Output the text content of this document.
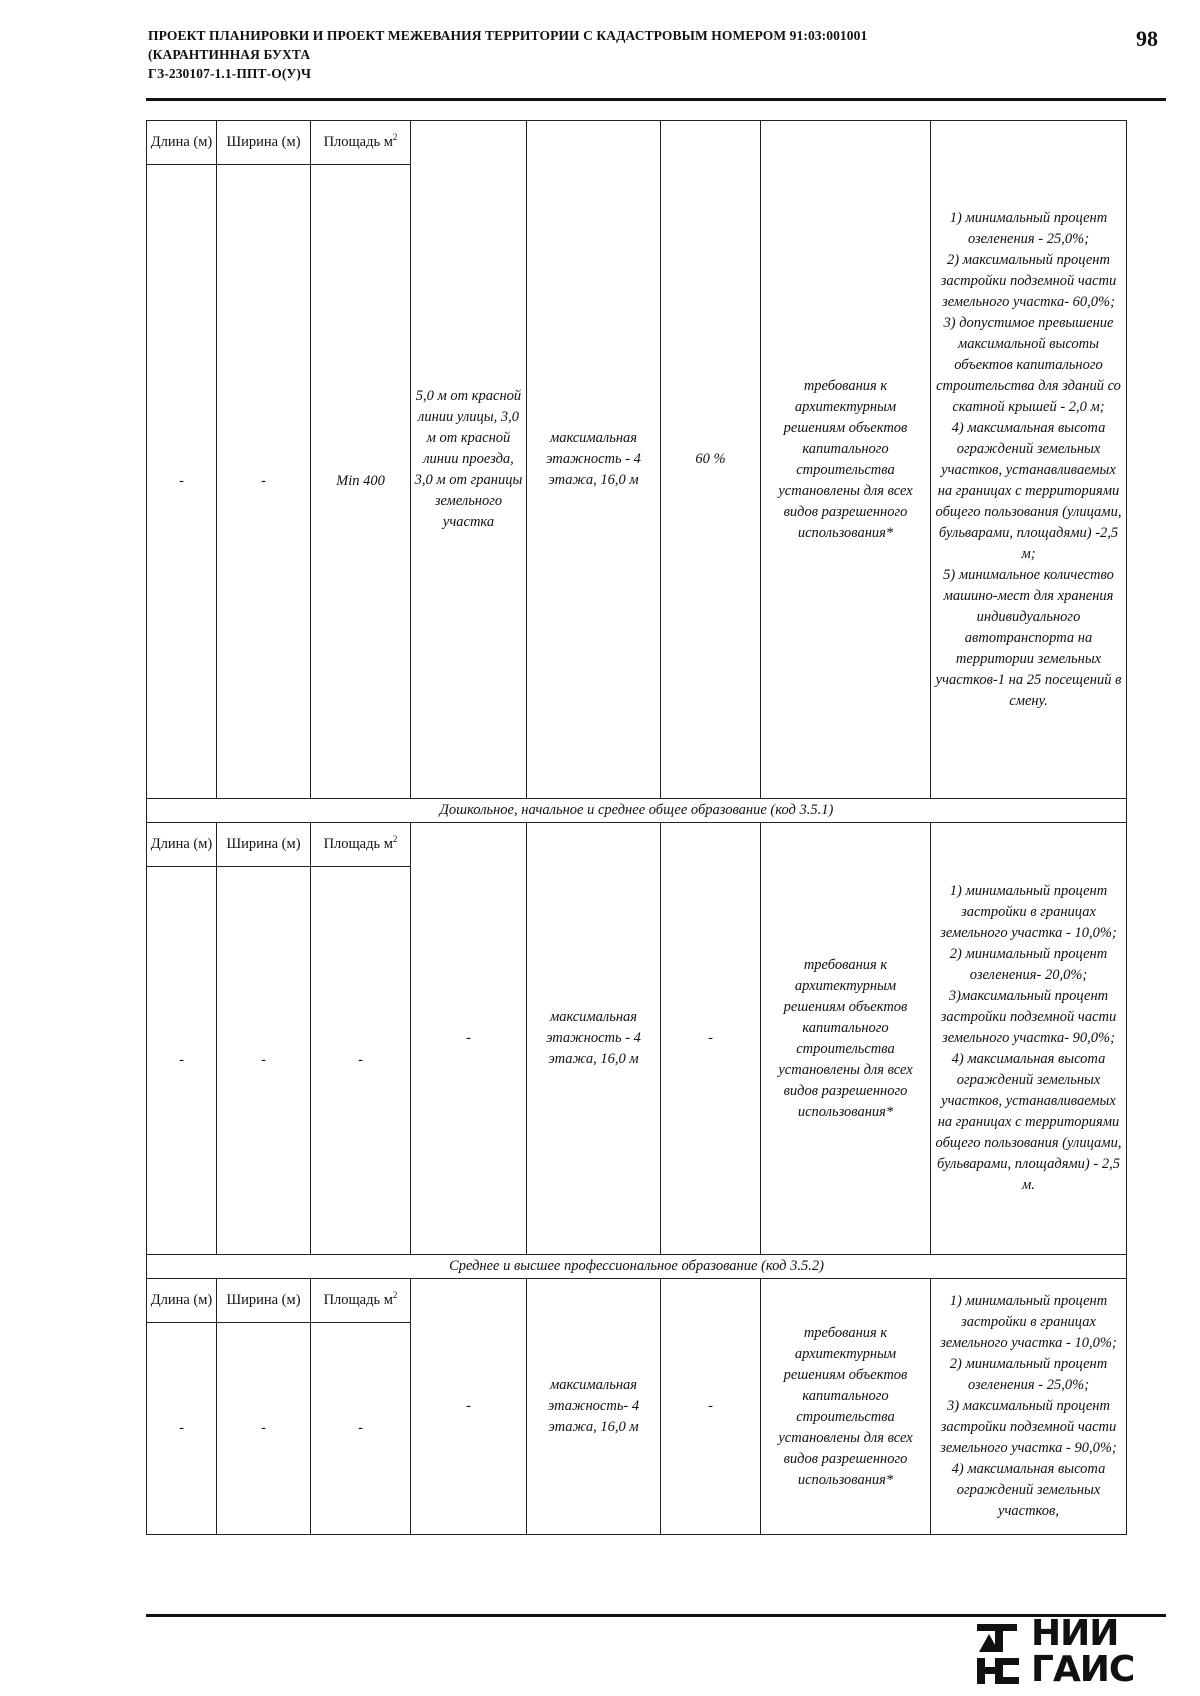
ПРОЕКТ ПЛАНИРОВКИ И ПРОЕКТ МЕЖЕВАНИЯ ТЕРРИТОРИИ С КАДАСТРОВЫМ НОМЕРОМ 91:03:001001
(КАРАНТИННАЯ БУХТА
ГЗ-230107-1.1-ППТ-О(У)Ч
98
Длина (м)	Ширина (м)	Площадь $м^2$	5,0 м от красной линии улицы, 3,0 м от красной линии проезда, 3,0 м от границы земельного участка	максимальная этажность - 4 этажа, 16,0 м	60 %	требования к архитектурным решениям объектов капитального строительства установлены для всех видов разрешенного использования*	1) минимальный процент озеленения - 25,0%;
2) максимальный процент застройки подземной части земельного участка- 60,0%;
3) допустимое превышение максимальной высоты объектов капитального строительства для зданий со скатной крышей - 2,0 м;
4) максимальная высота ограждений земельных участков, устанавливаемых на границах с территориями общего пользования (улицами, бульварами, площадями) -2,5 м;
5) минимальное количество машино-мест для хранения индивидуального автотранспорта на территории земельных участков-1 на 25 посещений в смену.

-	-	Min 400					
Дошкольное, начальное и среднее общее образование (код 3.5.1)							
Длина (м)	Ширина (м)	Площадь $м^2$	-	максимальная этажность - 4 этажа, 16,0 м	-	требования к архитектурным решениям объектов капитального строительства установлены для всех видов разрешенного использования*	1) минимальный процент застройки в границах земельного участка - 10,0%;
2) минимальный процент озеленения- 20,0%;
3)максимальный процент застройки подземной части земельного участка- 90,0%;
4) максимальная высота ограждений земельных участков, устанавливаемых на границах с территориями общего пользования (улицами, бульварами, площадями) - 2,5 м.

-	-	-					
Среднее и высшее профессиональное образование (код 3.5.2)							
Длина (м)	Ширина (м)	Площадь $м^2$	-	максимальная этажность- 4 этажа, 16,0 м	-	требования к архитектурным решениям объектов капитального строительства установлены для всех видов разрешенного использования*	1) минимальный процент застройки в границах земельного участка - 10,0%;
2) минимальный процент озеленения - 25,0%;
3) максимальный процент застройки подземной части земельного участка - 90,0%;
4) максимальная высота ограждений земельных участков,

-	-	-					
НИИ
ГАИС
